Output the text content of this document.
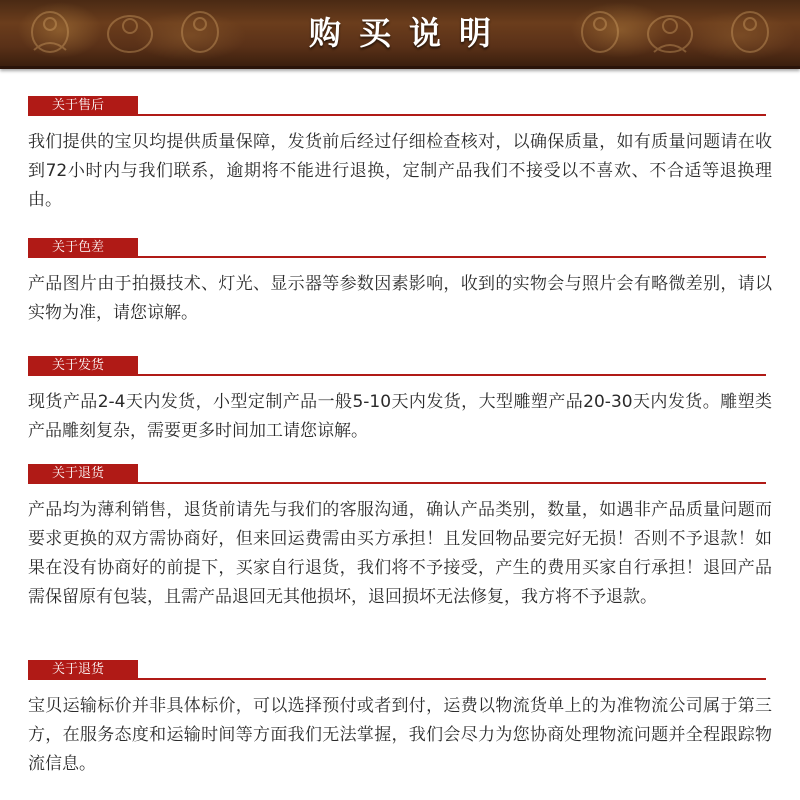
购买说明
关于售后
我们提供的宝贝均提供质量保障，发货前后经过仔细检查核对，以确保质量，如有质量问题请在收到72小时内与我们联系，逾期将不能进行退换，定制产品我们不接受以不喜欢、不合适等退换理由。
关于色差
产品图片由于拍摄技术、灯光、显示器等参数因素影响，收到的实物会与照片会有略微差别，请以实物为准，请您谅解。
关于发货
现货产品2-4天内发货，小型定制产品一般5-10天内发货，大型雕塑产品20-30天内发货。雕塑类产品雕刻复杂，需要更多时间加工请您谅解。
关于退货
产品均为薄利销售，退货前请先与我们的客服沟通，确认产品类别，数量，如遇非产品质量问题而要求更换的双方需协商好，但来回运费需由买方承担！且发回物品要完好无损！否则不予退款！如果在没有协商好的前提下，买家自行退货，我们将不予接受，产生的费用买家自行承担！退回产品需保留原有包装，且需产品退回无其他损坏，退回损坏无法修复，我方将不予退款。
关于退货
宝贝运输标价并非具体标价，可以选择预付或者到付，运费以物流货单上的为准物流公司属于第三方，在服务态度和运输时间等方面我们无法掌握，我们会尽力为您协商处理物流问题并全程跟踪物流信息。
